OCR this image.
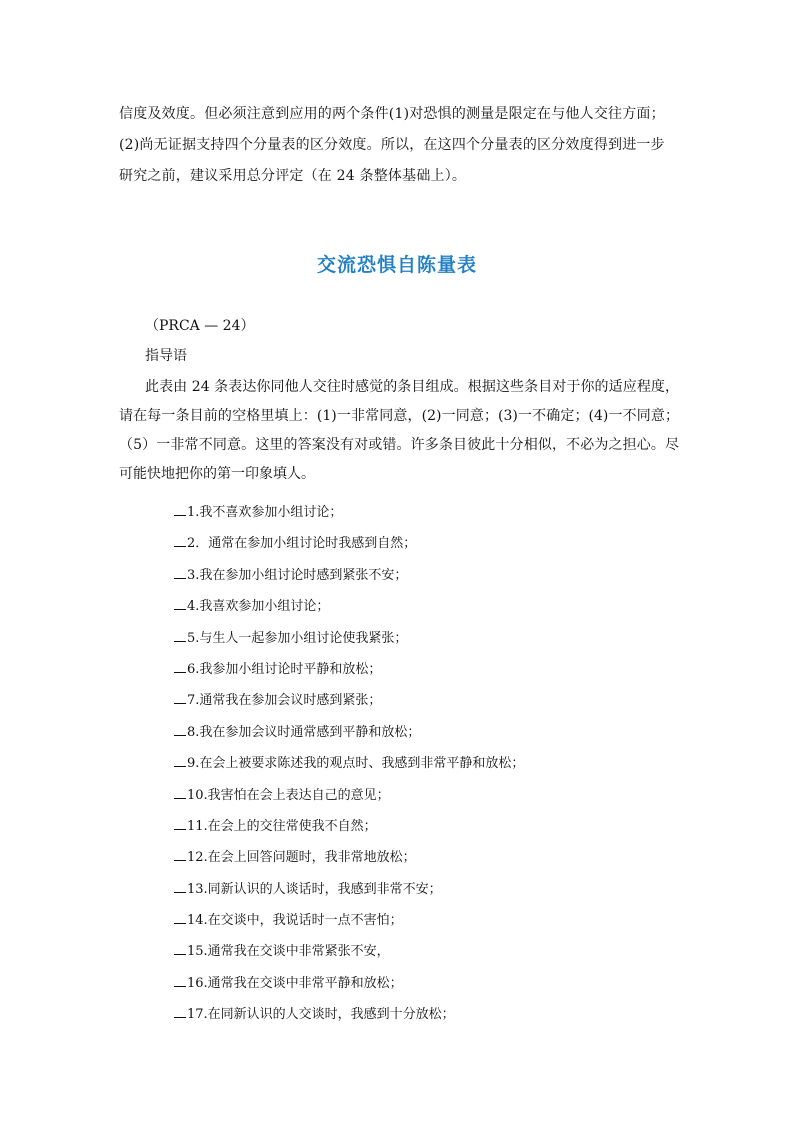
信度及效度。但必须注意到应用的两个条件(1)对恐惧的测量是限定在与他人交往方面；(2)尚无证据支持四个分量表的区分效度。所以，在这四个分量表的区分效度得到进一步研究之前，建议采用总分评定（在 24 条整体基础上）。

交流恐惧自陈量表
（PRCA — 24）
指导语

此表由 24 条表达你同他人交往时感觉的条目组成。根据这些条目对于你的适应程度，请在每一条目前的空格里填上：(1)一非常同意，(2)一同意；(3)一不确定；(4)一不同意；（5）一非常不同意。这里的答案没有对或错。许多条目彼此十分相似，不必为之担心。尽可能快地把你的第一印象填人。

1.我不喜欢参加小组讨论；
2．通常在参加小组讨论时我感到自然；
3.我在参加小组讨论时感到紧张不安；
4.我喜欢参加小组讨论；
5.与生人一起参加小组讨论使我紧张；
6.我参加小组讨论时平静和放松；
7.通常我在参加会议时感到紧张；
8.我在参加会议时通常感到平静和放松；
9.在会上被要求陈述我的观点时、我感到非常平静和放松；
10.我害怕在会上表达自己的意见；
11.在会上的交往常使我不自然；
12.在会上回答问题时，我非常地放松；
13.同新认识的人谈话时，我感到非常不安；
14.在交谈中，我说话时一点不害怕；
15.通常我在交谈中非常紧张不安，
16.通常我在交谈中非常平静和放松；
17.在同新认识的人交谈时，我感到十分放松；
